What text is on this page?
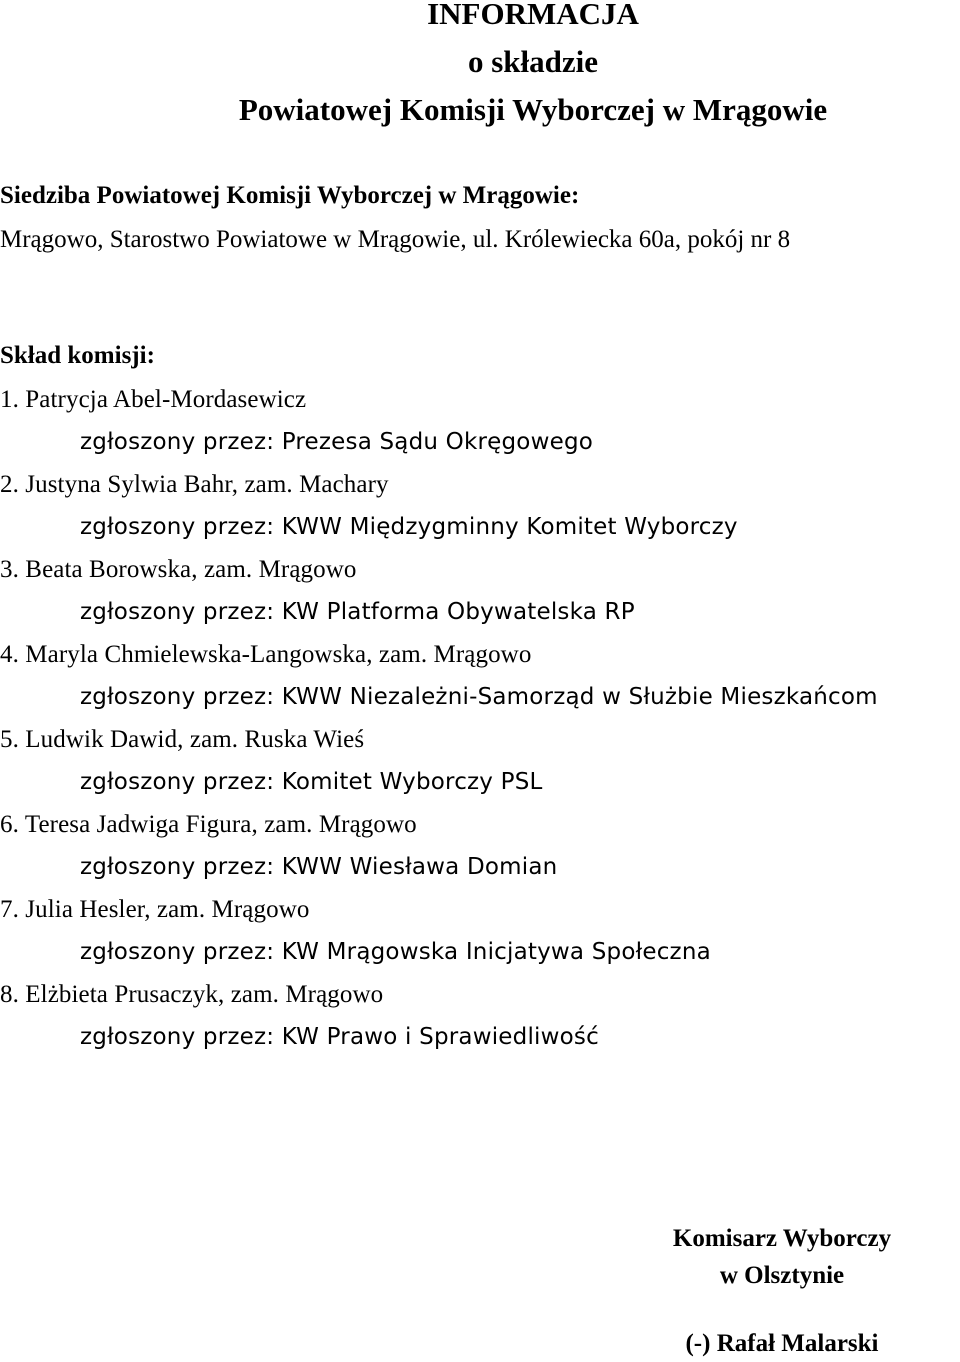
INFORMACJA
o składzie
Powiatowej Komisji Wyborczej w Mrągowie
Siedziba Powiatowej Komisji Wyborczej w Mrągowie:
Mrągowo, Starostwo Powiatowe w Mrągowie, ul. Królewiecka 60a, pokój nr 8
Skład komisji:
1. Patrycja Abel-Mordasewicz
zgłoszony przez: Prezesa Sądu Okręgowego
2. Justyna Sylwia Bahr, zam. Machary
zgłoszony przez: KWW Międzygminny Komitet Wyborczy
3. Beata Borowska, zam. Mrągowo
zgłoszony przez: KW Platforma Obywatelska RP
4. Maryla Chmielewska-Langowska, zam. Mrągowo
zgłoszony przez: KWW Niezależni-Samorząd w Służbie Mieszkańcom
5. Ludwik Dawid, zam. Ruska Wieś
zgłoszony przez: Komitet Wyborczy PSL
6. Teresa Jadwiga Figura, zam. Mrągowo
zgłoszony przez: KWW Wiesława Domian
7. Julia Hesler, zam. Mrągowo
zgłoszony przez: KW Mrągowska Inicjatywa Społeczna
8. Elżbieta Prusaczyk, zam. Mrągowo
zgłoszony przez: KW Prawo i Sprawiedliwość
Komisarz Wyborczy
w Olsztynie
(-) Rafał Malarski
